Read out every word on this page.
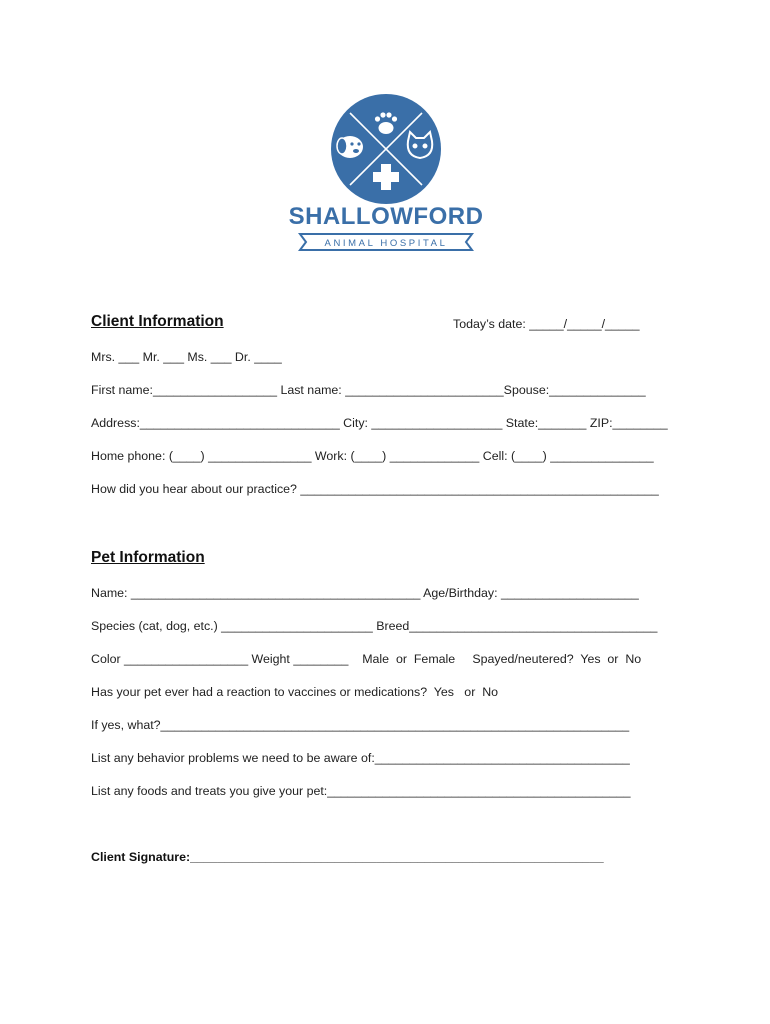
SHALLOWFORD
ANIMAL HOSPITAL
Client Information	Today’s date: _____/_____/_____
Mrs. ___ Mr. ___ Ms. ___ Dr. ____
First name:__________________ Last name: _______________________Spouse:______________
Address:_____________________________ City: ___________________ State:_______ ZIP:________
Home phone: (____) _______________ Work: (____) _____________ Cell: (____) _______________
How did you hear about our practice? ____________________________________________________
Pet Information
Name: __________________________________________ Age/Birthday: ____________________
Species (cat, dog, etc.) ______________________ Breed____________________________________
Color __________________ Weight ________    Male  or  Female     Spayed/neutered?  Yes  or  No
Has your pet ever had a reaction to vaccines or medications?  Yes   or  No
If yes, what?____________________________________________________________________
List any behavior problems we need to be aware of:_____________________________________
List any foods and treats you give your pet:____________________________________________
Client Signature:____________________________________________________________
